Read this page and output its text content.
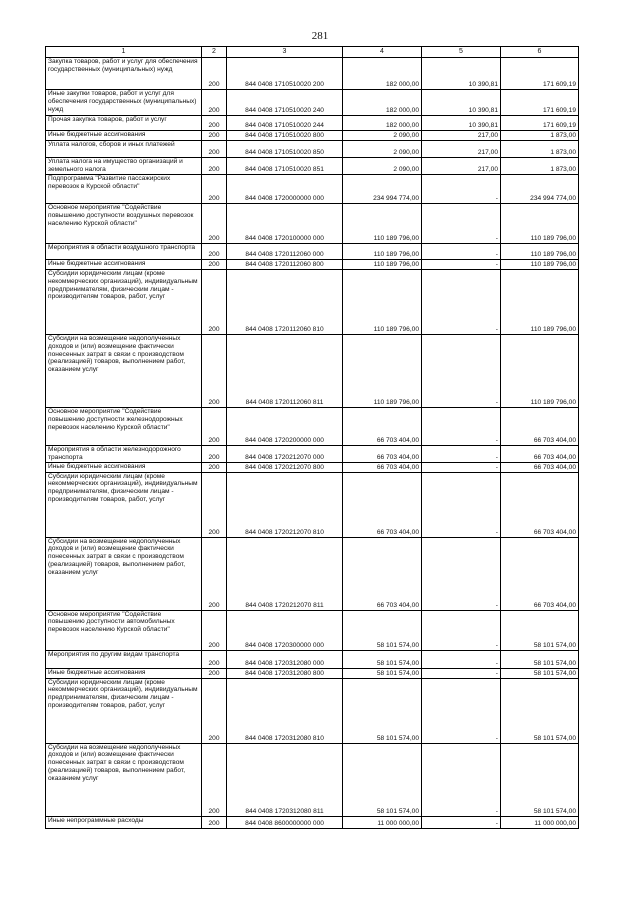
281
1	2	3	4	5	6
Закупка товаров, работ и услуг для обеспечения государственных (муниципальных) нужд	200	844 0408 1710510020 200	182 000,00	10 390,81	171 609,19
Иные закупки товаров, работ и услуг для обеспечения государственных (муниципальных) нужд	200	844 0408 1710510020 240	182 000,00	10 390,81	171 609,19
Прочая закупка товаров, работ и услуг	200	844 0408 1710510020 244	182 000,00	10 390,81	171 609,19
Иные бюджетные ассигнования	200	844 0408 1710510020 800	2 090,00	217,00	1 873,00
Уплата налогов, сборов и иных платежей	200	844 0408 1710510020 850	2 090,00	217,00	1 873,00
Уплата налога на имущество организаций и земельного налога	200	844 0408 1710510020 851	2 090,00	217,00	1 873,00
Подпрограмма "Развитие пассажирских перевозок в Курской области"	200	844 0408 1720000000 000	234 994 774,00	-	234 994 774,00
Основное мероприятие "Содействие повышению доступности воздушных перевозок населению Курской области"	200	844 0408 1720100000 000	110 189 796,00	-	110 189 796,00
Мероприятия в области воздушного транспорта	200	844 0408 1720112060 000	110 189 796,00	-	110 189 796,00
Иные бюджетные ассигнования	200	844 0408 1720112060 800	110 189 796,00	-	110 189 796,00
Субсидии юридическим лицам (кроме некоммерческих организаций), индивидуальным предпринимателям, физическим лицам - производителям товаров, работ, услуг	200	844 0408 1720112060 810	110 189 796,00	-	110 189 796,00
Субсидии на возмещение недополученных доходов и (или) возмещение фактически понесенных затрат в связи с производством (реализацией) товаров, выполнением работ, оказанием услуг	200	844 0408 1720112060 811	110 189 796,00	-	110 189 796,00
Основное мероприятие "Содействие повышению доступности железнодорожных перевозок населению Курской области"	200	844 0408 1720200000 000	66 703 404,00	-	66 703 404,00
Мероприятия в области железнодорожного транспорта	200	844 0408 1720212070 000	66 703 404,00	-	66 703 404,00
Иные бюджетные ассигнования	200	844 0408 1720212070 800	66 703 404,00	-	66 703 404,00
Субсидии юридическим лицам (кроме некоммерческих организаций), индивидуальным предпринимателям, физическим лицам - производителям товаров, работ, услуг	200	844 0408 1720212070 810	66 703 404,00	-	66 703 404,00
Субсидии на возмещение недополученных доходов и (или) возмещение фактически понесенных затрат в связи с производством (реализацией) товаров, выполнением работ, оказанием услуг	200	844 0408 1720212070 811	66 703 404,00	-	66 703 404,00
Основное мероприятие "Содействие повышению доступности автомобильных перевозок населению Курской области"	200	844 0408 1720300000 000	58 101 574,00	-	58 101 574,00
Мероприятия по другим видам транспорта	200	844 0408 1720312080 000	58 101 574,00	-	58 101 574,00
Иные бюджетные ассигнования	200	844 0408 1720312080 800	58 101 574,00	-	58 101 574,00
Субсидии юридическим лицам (кроме некоммерческих организаций), индивидуальным предпринимателям, физическим лицам - производителям товаров, работ, услуг	200	844 0408 1720312080 810	58 101 574,00	-	58 101 574,00
Субсидии на возмещение недополученных доходов и (или) возмещение фактически понесенных затрат в связи с производством (реализацией) товаров, выполнением работ, оказанием услуг	200	844 0408 1720312080 811	58 101 574,00	-	58 101 574,00
Иные непрограммные расходы	200	844 0408 8600000000 000	11 000 000,00	-	11 000 000,00
